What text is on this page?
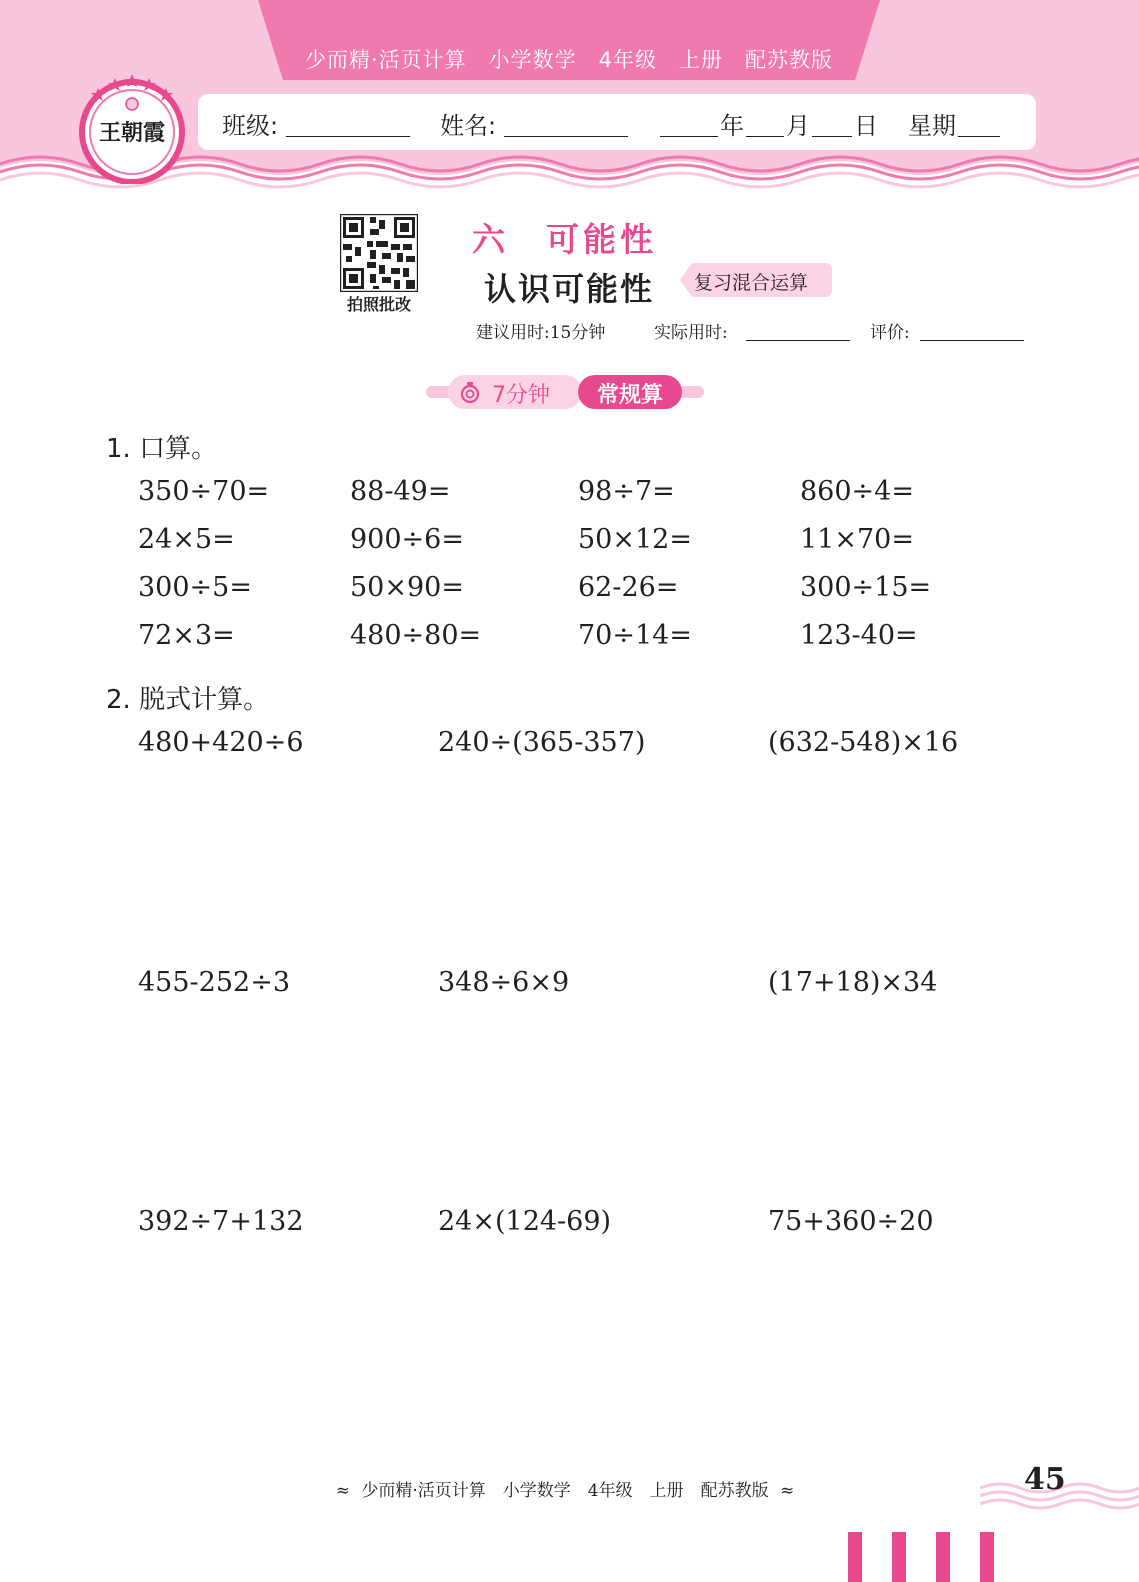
少而精·活页计算　小学数学　4年级　上册　配苏教版
王朝霞	班级:	姓名:	年 月 日 星期
拍照批改
六　可能性
认识可能性 复习混合运算
建议用时:15分钟	实际用时:	评价:
7分钟	常规算
1. 口算。
350÷70=	88-49=	98÷7=	860÷4=
24×5=	900÷6=	50×12=	11×70=
300÷5=	50×90=	62-26=	300÷15=
72×3=	480÷80=	70÷14=	123-40=
2. 脱式计算。
480+420÷6	240÷(365-357)	(632-548)×16
455-252÷3	348÷6×9	(17+18)×34
392÷7+132	24×(124-69)	75+360÷20
≈ 少而精·活页计算　小学数学　4年级　上册　配苏教版 ≈	45
